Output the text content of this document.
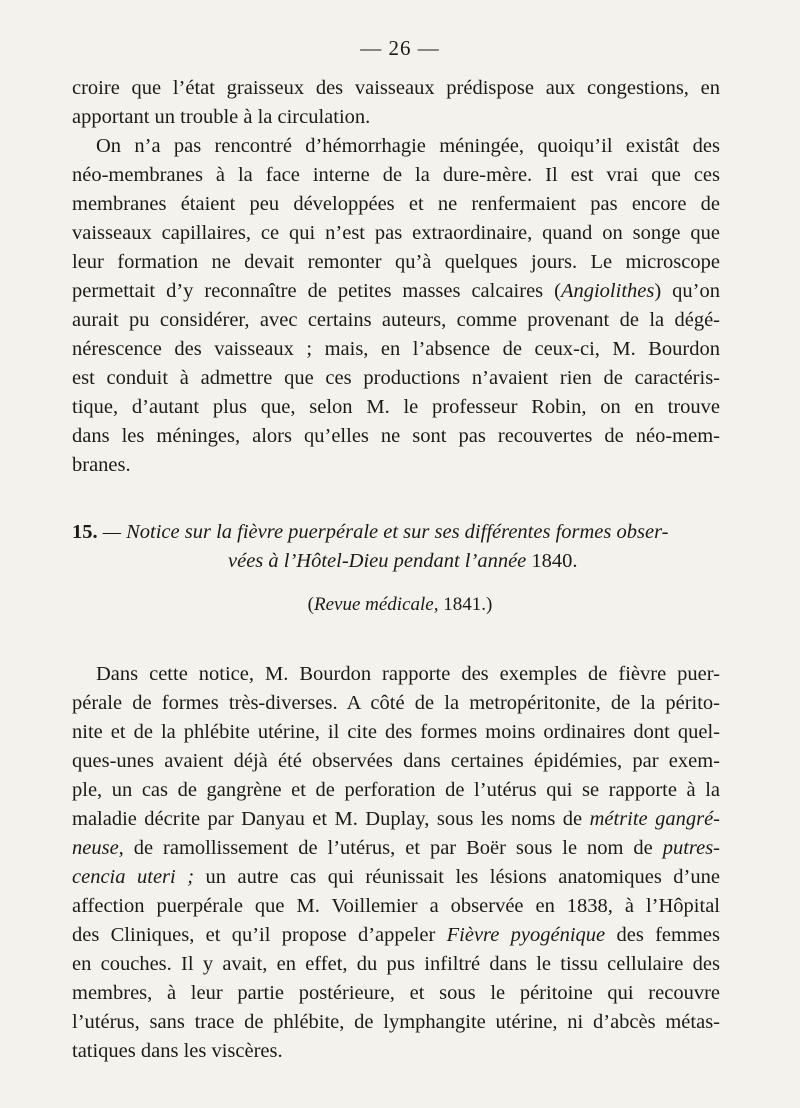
— 26 —
croire que l’état graisseux des vaisseaux prédispose aux congestions, en
apportant un trouble à la circulation.
On n’a pas rencontré d’hémorrhagie méningée, quoiqu’il existât des
néo-membranes à la face interne de la dure-mère. Il est vrai que ces
membranes étaient peu développées et ne renfermaient pas encore de
vaisseaux capillaires, ce qui n’est pas extraordinaire, quand on songe que
leur formation ne devait remonter qu’à quelques jours. Le microscope
permettait d’y reconnaître de petites masses calcaires (Angiolithes) qu’on
aurait pu considérer, avec certains auteurs, comme provenant de la dégé-
nérescence des vaisseaux ; mais, en l’absence de ceux-ci, M. Bourdon
est conduit à admettre que ces productions n’avaient rien de caractéris-
tique, d’autant plus que, selon M. le professeur Robin, on en trouve
dans les méninges, alors qu’elles ne sont pas recouvertes de néo-mem-
branes.
15. — Notice sur la fièvre puerpérale et sur ses différentes formes obser-
vées à l’Hôtel-Dieu pendant l’année 1840.
(Revue médicale, 1841.)
Dans cette notice, M. Bourdon rapporte des exemples de fièvre puer-
pérale de formes très-diverses. A côté de la metropéritonite, de la périto-
nite et de la phlébite utérine, il cite des formes moins ordinaires dont quel-
ques-unes avaient déjà été observées dans certaines épidémies, par exem-
ple, un cas de gangrène et de perforation de l’utérus qui se rapporte à la
maladie décrite par Danyau et M. Duplay, sous les noms de métrite gangré-
neuse, de ramollissement de l’utérus, et par Boër sous le nom de putres-
cencia uteri ; un autre cas qui réunissait les lésions anatomiques d’une
affection puerpérale que M. Voillemier a observée en 1838, à l’Hôpital
des Cliniques, et qu’il propose d’appeler Fièvre pyogénique des femmes
en couches. Il y avait, en effet, du pus infiltré dans le tissu cellulaire des
membres, à leur partie postérieure, et sous le péritoine qui recouvre
l’utérus, sans trace de phlébite, de lymphangite utérine, ni d’abcès métas-
tatiques dans les viscères.
